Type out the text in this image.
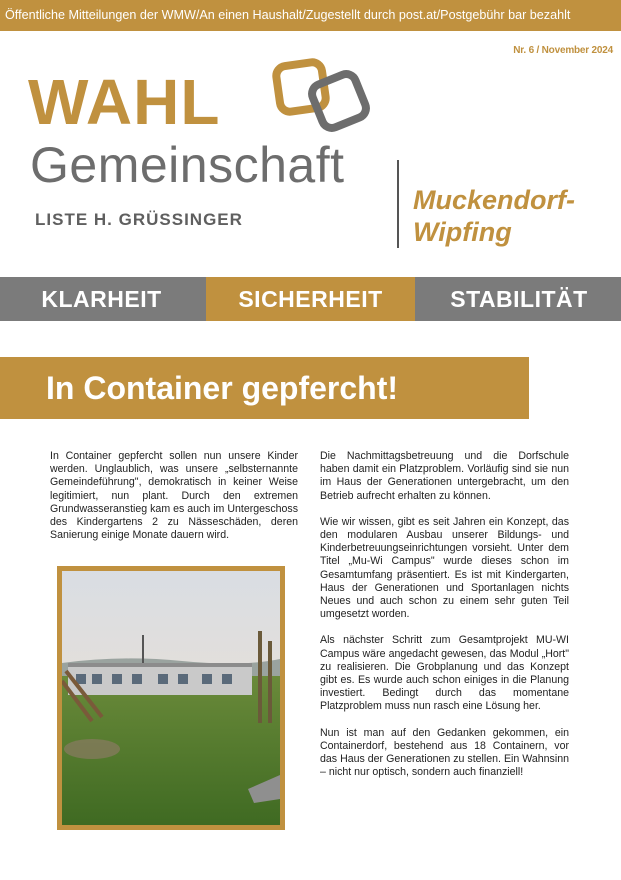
Öffentliche Mitteilungen der WMW/An einen Haushalt/Zugestellt durch post.at/Postgebühr bar bezahlt
Nr. 6 / November 2024
WAHL
Gemeinschaft
LISTE H. GRÜSSINGER
Muckendorf-
Wipfing
KLARHEIT	SICHERHEIT	STABILITÄT
In Container gepfercht!

In Container gepfercht sollen nun unsere Kinder werden. Unglaublich, was unsere „selbsternannte Gemeindeführung", demokratisch in keiner Weise legitimiert, nun plant. Durch den extremen Grundwasseranstieg kam es auch im Untergeschoss des Kindergartens 2 zu Nässeschäden, deren Sanierung einige Monate dauern wird.

Die Nachmittagsbetreuung und die Dorfschule haben damit ein Platzproblem. Vorläufig sind sie nun im Haus der Generationen untergebracht, um den Betrieb aufrecht erhalten zu können.

Wie wir wissen, gibt es seit Jahren ein Konzept, das den modularen Ausbau unserer Bildungs- und Kinderbetreuungseinrichtungen vorsieht. Unter dem Titel „Mu-Wi Campus" wurde dieses schon im Gesamtumfang präsentiert. Es ist mit Kindergarten, Haus der Generationen und Sportanlagen nichts Neues und auch schon zu einem sehr guten Teil umgesetzt worden.

Als nächster Schritt zum Gesamtprojekt MU-WI Campus wäre angedacht gewesen, das Modul „Hort" zu realisieren. Die Grobplanung und das Konzept gibt es. Es wurde auch schon einiges in die Planung investiert. Bedingt durch das momentane Platzproblem muss nun rasch eine Lösung her.

Nun ist man auf den Gedanken gekommen, ein Containerdorf, bestehend aus 18 Containern, vor das Haus der Generationen zu stellen. Ein Wahnsinn – nicht nur optisch, sondern auch finanziell!
